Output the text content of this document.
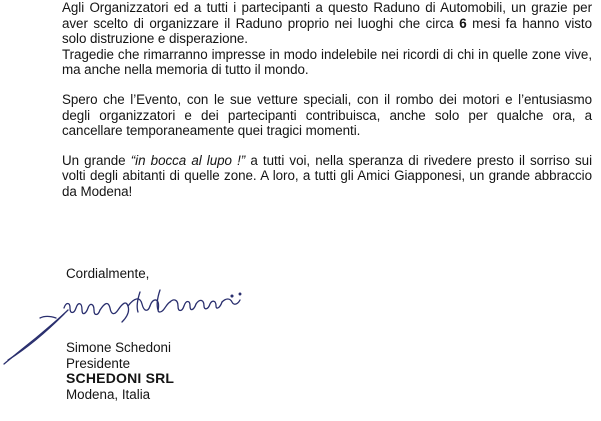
Agli Organizzatori ed a tutti i partecipanti a questo Raduno di Automobili, un grazie per aver scelto di organizzare il Raduno proprio nei luoghi che circa 6 mesi fa hanno visto solo distruzione e disperazione.

Tragedie che rimarranno impresse in modo indelebile nei ricordi di chi in quelle zone vive, ma anche nella memoria di tutto il mondo.

Spero che l’Evento, con le sue vetture speciali, con il rombo dei motori e l’entusiasmo degli organizzatori e dei partecipanti contribuisca, anche solo per qualche ora, a cancellare temporaneamente quei tragici momenti.

Un grande “in bocca al lupo !” a tutti voi, nella speranza di rivedere presto il sorriso sui volti degli abitanti di quelle zone. A loro, a tutti gli Amici Giapponesi, un grande abbraccio da Modena!

Cordialmente,
Simone Schedoni
Presidente
SCHEDONI SRL
Modena, Italia
